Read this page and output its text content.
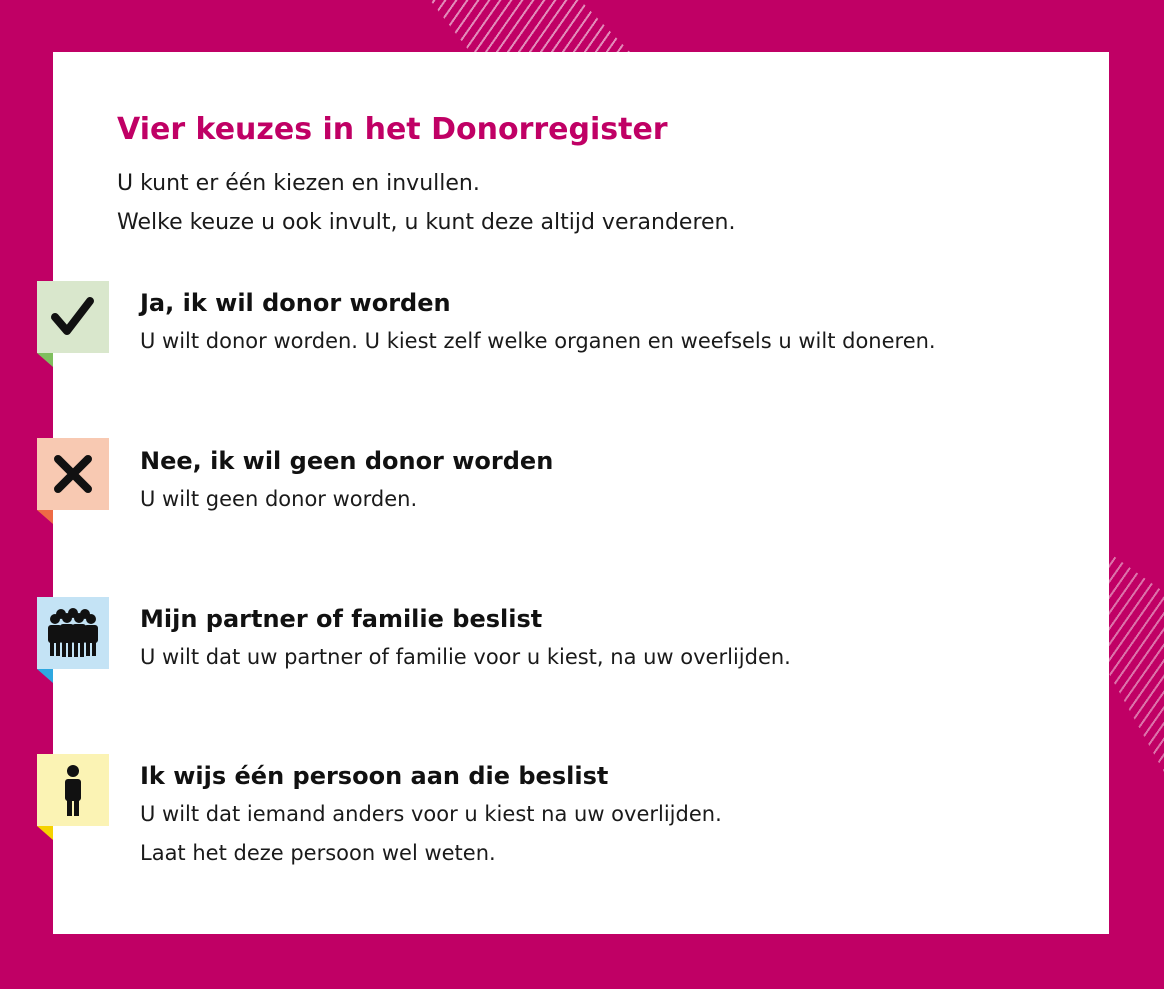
Vier keuzes in het Donorregister
U kunt er één kiezen en invullen.
Welke keuze u ook invult, u kunt deze altijd veranderen.
Ja, ik wil donor worden
U wilt donor worden. U kiest zelf welke organen en weefsels u wilt doneren.
Nee, ik wil geen donor worden
U wilt geen donor worden.
Mijn partner of familie beslist
U wilt dat uw partner of familie voor u kiest, na uw overlijden.
Ik wijs één persoon aan die beslist
U wilt dat iemand anders voor u kiest na uw overlijden.
Laat het deze persoon wel weten.
